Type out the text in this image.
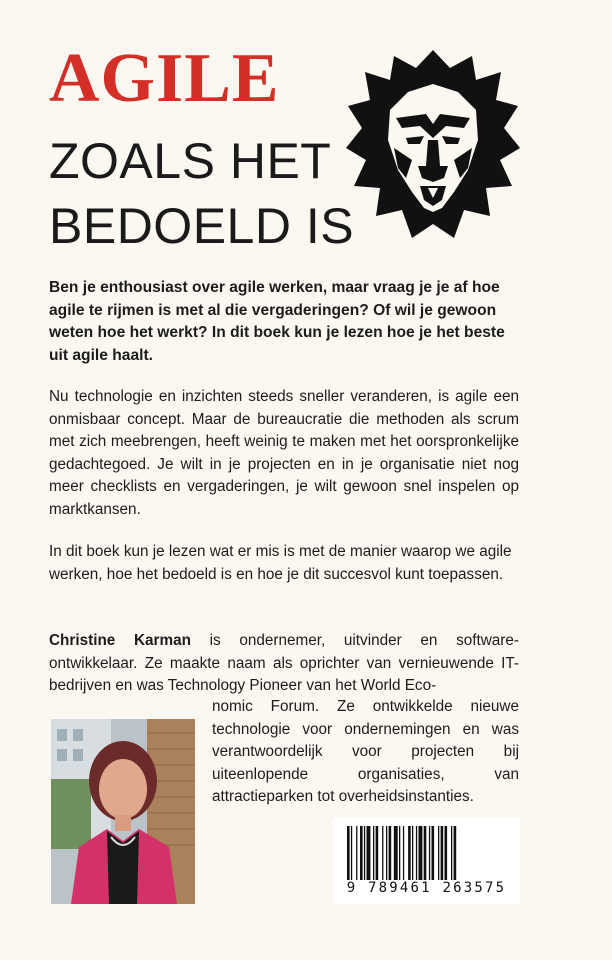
AGILE
ZOALS HET
BEDOELD IS

Ben je enthousiast over agile werken, maar vraag je je af hoe agile te rijmen is met al die vergaderingen? Of wil je gewoon weten hoe het werkt? In dit boek kun je lezen hoe je het beste uit agile haalt.

Nu technologie en inzichten steeds sneller veranderen, is agile een onmisbaar concept. Maar de bureaucratie die methoden als scrum met zich meebrengen, heeft weinig te maken met het oorspronkelijke gedachtegoed. Je wilt in je projecten en in je organisatie niet nog meer checklists en vergaderingen, je wilt gewoon snel inspelen op marktkansen.

In dit boek kun je lezen wat er mis is met de manier waarop we agile werken, hoe het bedoeld is en hoe je dit succesvol kunt toepassen.

Christine Karman is ondernemer, uitvinder en software-ontwikkelaar. Ze maakte naam als oprichter van vernieuwende IT-bedrijven en was Technology Pioneer van het World Eco-

nomic Forum. Ze ontwikkelde nieuwe technologie voor ondernemingen en was verantwoordelijk voor projecten bij uiteenlopende organisaties, van attractieparken tot overheidsinstanties.

9 789461 263575
